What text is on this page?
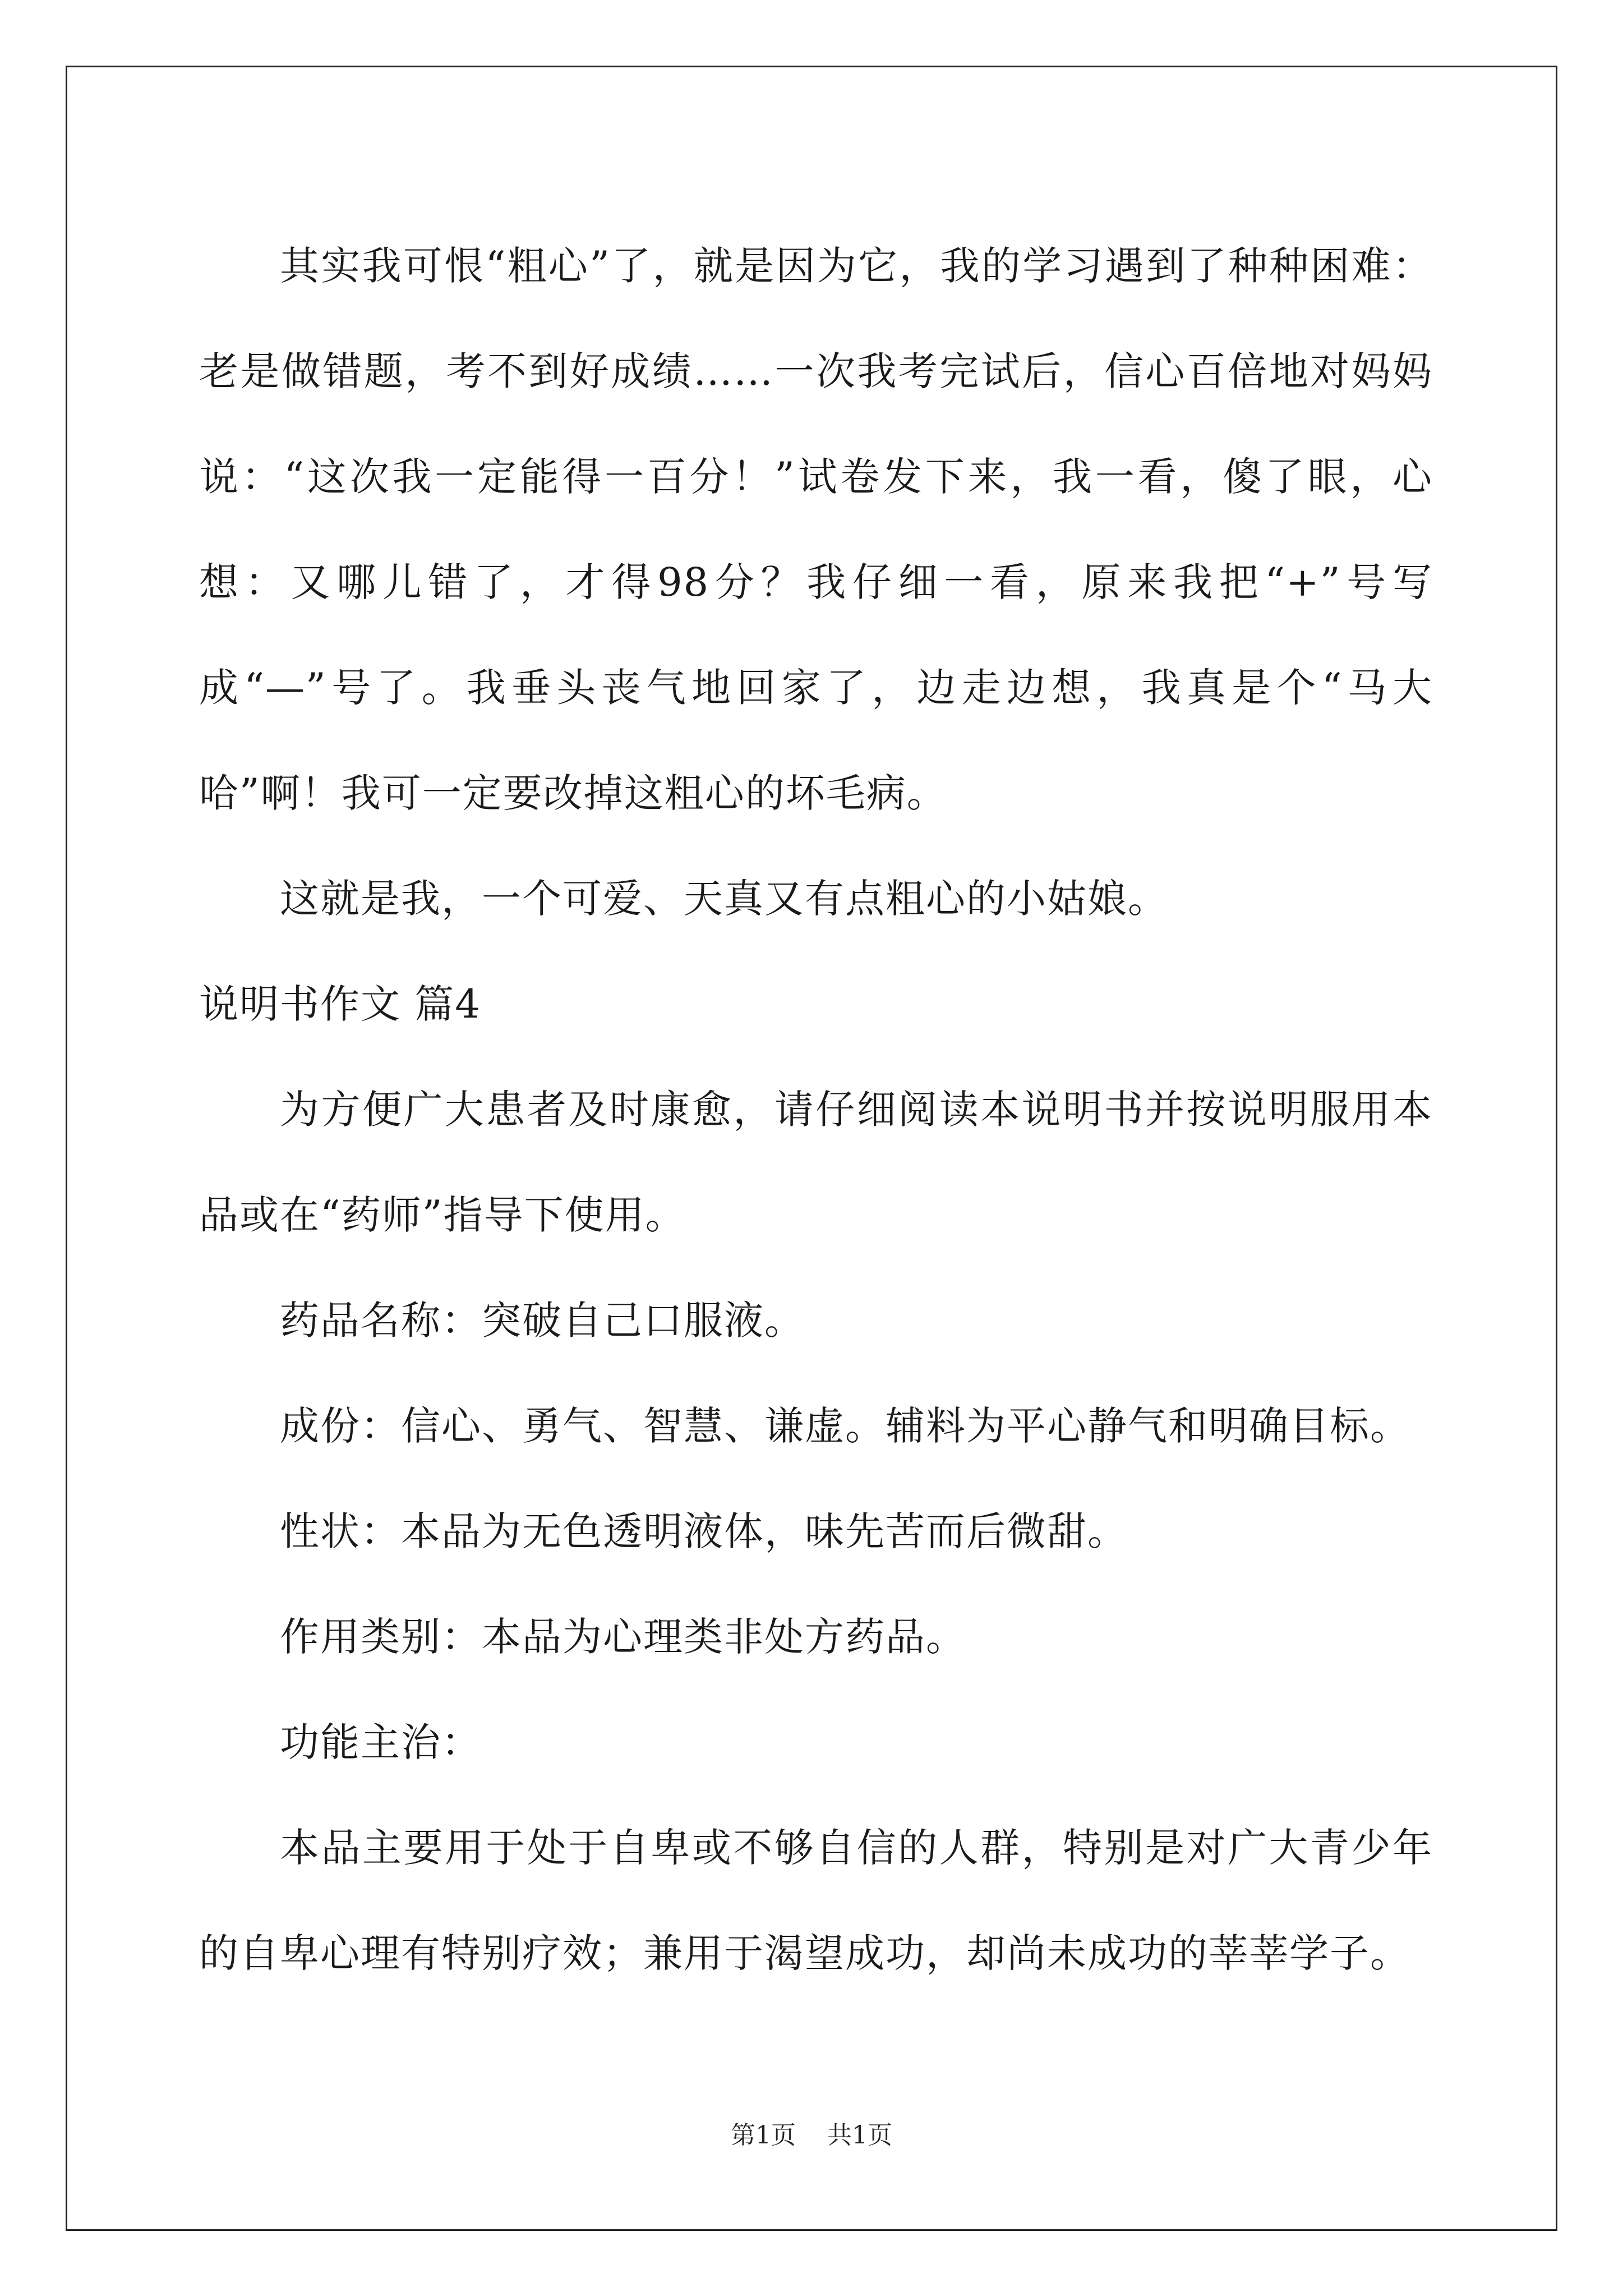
其实我可恨“粗心”了，就是因为它，我的学习遇到了种种困难：老是做错题，考不到好成绩……一次我考完试后，信心百倍地对妈妈说：“这次我一定能得一百分！”试卷发下来，我一看，傻了眼，心想：又哪儿错了，才得98分？我仔细一看，原来我把“+”号写成“—”号了。我垂头丧气地回家了，边走边想，我真是个“马大哈”啊！我可一定要改掉这粗心的坏毛病。

这就是我，一个可爱、天真又有点粗心的小姑娘。

说明书作文 篇4

为方便广大患者及时康愈，请仔细阅读本说明书并按说明服用本品或在“药师”指导下使用。

药品名称：突破自己口服液。

成份：信心、勇气、智慧、谦虚。辅料为平心静气和明确目标。

性状：本品为无色透明液体，味先苦而后微甜。

作用类别：本品为心理类非处方药品。

功能主治：

本品主要用于处于自卑或不够自信的人群，特别是对广大青少年的自卑心理有特别疗效；兼用于渴望成功，却尚未成功的莘莘学子。

第1页 共1页
